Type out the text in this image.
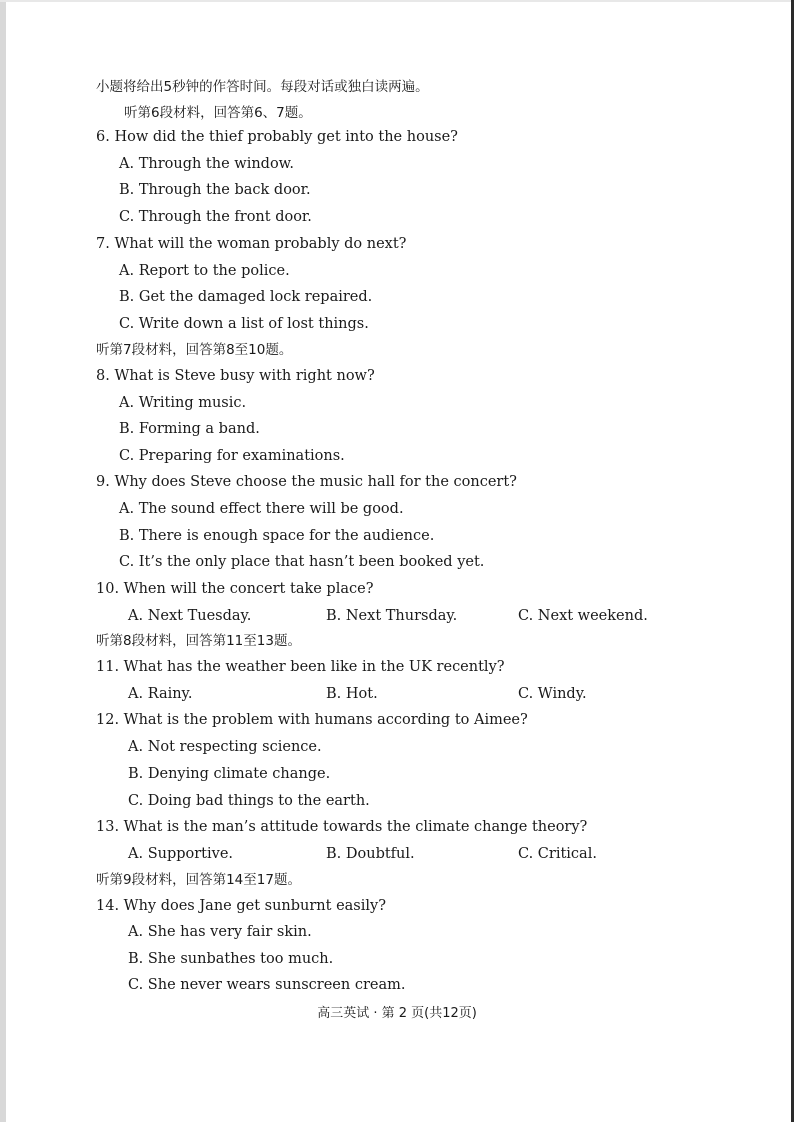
小题将给出5秒钟的作答时间。每段对话或独白读两遍。
听第6段材料，回答第6、7题。
6. How did the thief probably get into the house?
A. Through the window.
B. Through the back door.
C. Through the front door.
7. What will the woman probably do next?
A. Report to the police.
B. Get the damaged lock repaired.
C. Write down a list of lost things.
听第7段材料，回答第8至10题。
8. What is Steve busy with right now?
A. Writing music.
B. Forming a band.
C. Preparing for examinations.
9. Why does Steve choose the music hall for the concert?
A. The sound effect there will be good.
B. There is enough space for the audience.
C. It’s the only place that hasn’t been booked yet.
10. When will the concert take place?
A. Next Tuesday.	B. Next Thursday.	C. Next weekend.
听第8段材料，回答第11至13题。
11. What has the weather been like in the UK recently?
A. Rainy.	B. Hot.	C. Windy.
12. What is the problem with humans according to Aimee?
A. Not respecting science.
B. Denying climate change.
C. Doing bad things to the earth.
13. What is the man’s attitude towards the climate change theory?
A. Supportive.	B. Doubtful.	C. Critical.
听第9段材料，回答第14至17题。
14. Why does Jane get sunburnt easily?
A. She has very fair skin.
B. She sunbathes too much.
C. She never wears sunscreen cream.
高三英试 · 第 2 页(共12页)
